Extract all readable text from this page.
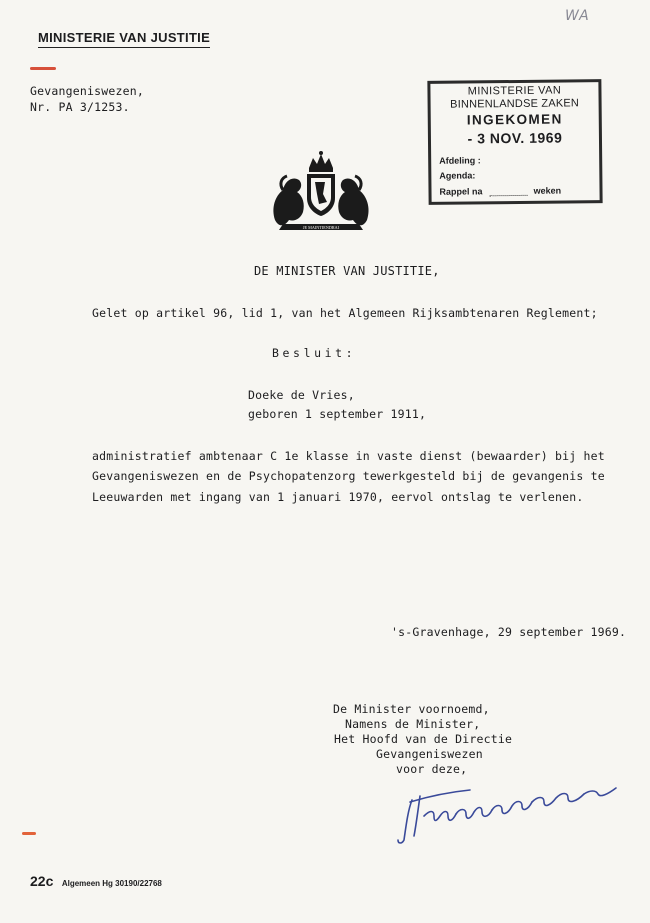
WA
MINISTERIE VAN JUSTITIE
Gevangeniswezen,
Nr. PA 3/1253.
MINISTERIE VAN
BINNENLANDSE ZAKEN
INGEKOMEN
- 3 NOV. 1969
Afdeling :
Agenda:
Rappel na	weken
JE MAINTIENDRAI
DE MINISTER VAN JUSTITIE,
Gelet op artikel 96, lid 1, van het Algemeen Rijksambtenaren Reglement;
Besluit:
Doeke de Vries,
geboren 1 september 1911,
administratief ambtenaar C 1e klasse in vaste dienst (bewaarder) bij het
Gevangeniswezen en de Psychopatenzorg tewerkgesteld bij de gevangenis te
Leeuwarden met ingang van 1 januari 1970, eervol ontslag te verlenen.
's-Gravenhage, 29 september 1969.
De Minister voornoemd,
Namens de Minister,
Het Hoofd van de Directie
Gevangeniswezen
voor deze,
22c Algemeen Hg 30190/22768
